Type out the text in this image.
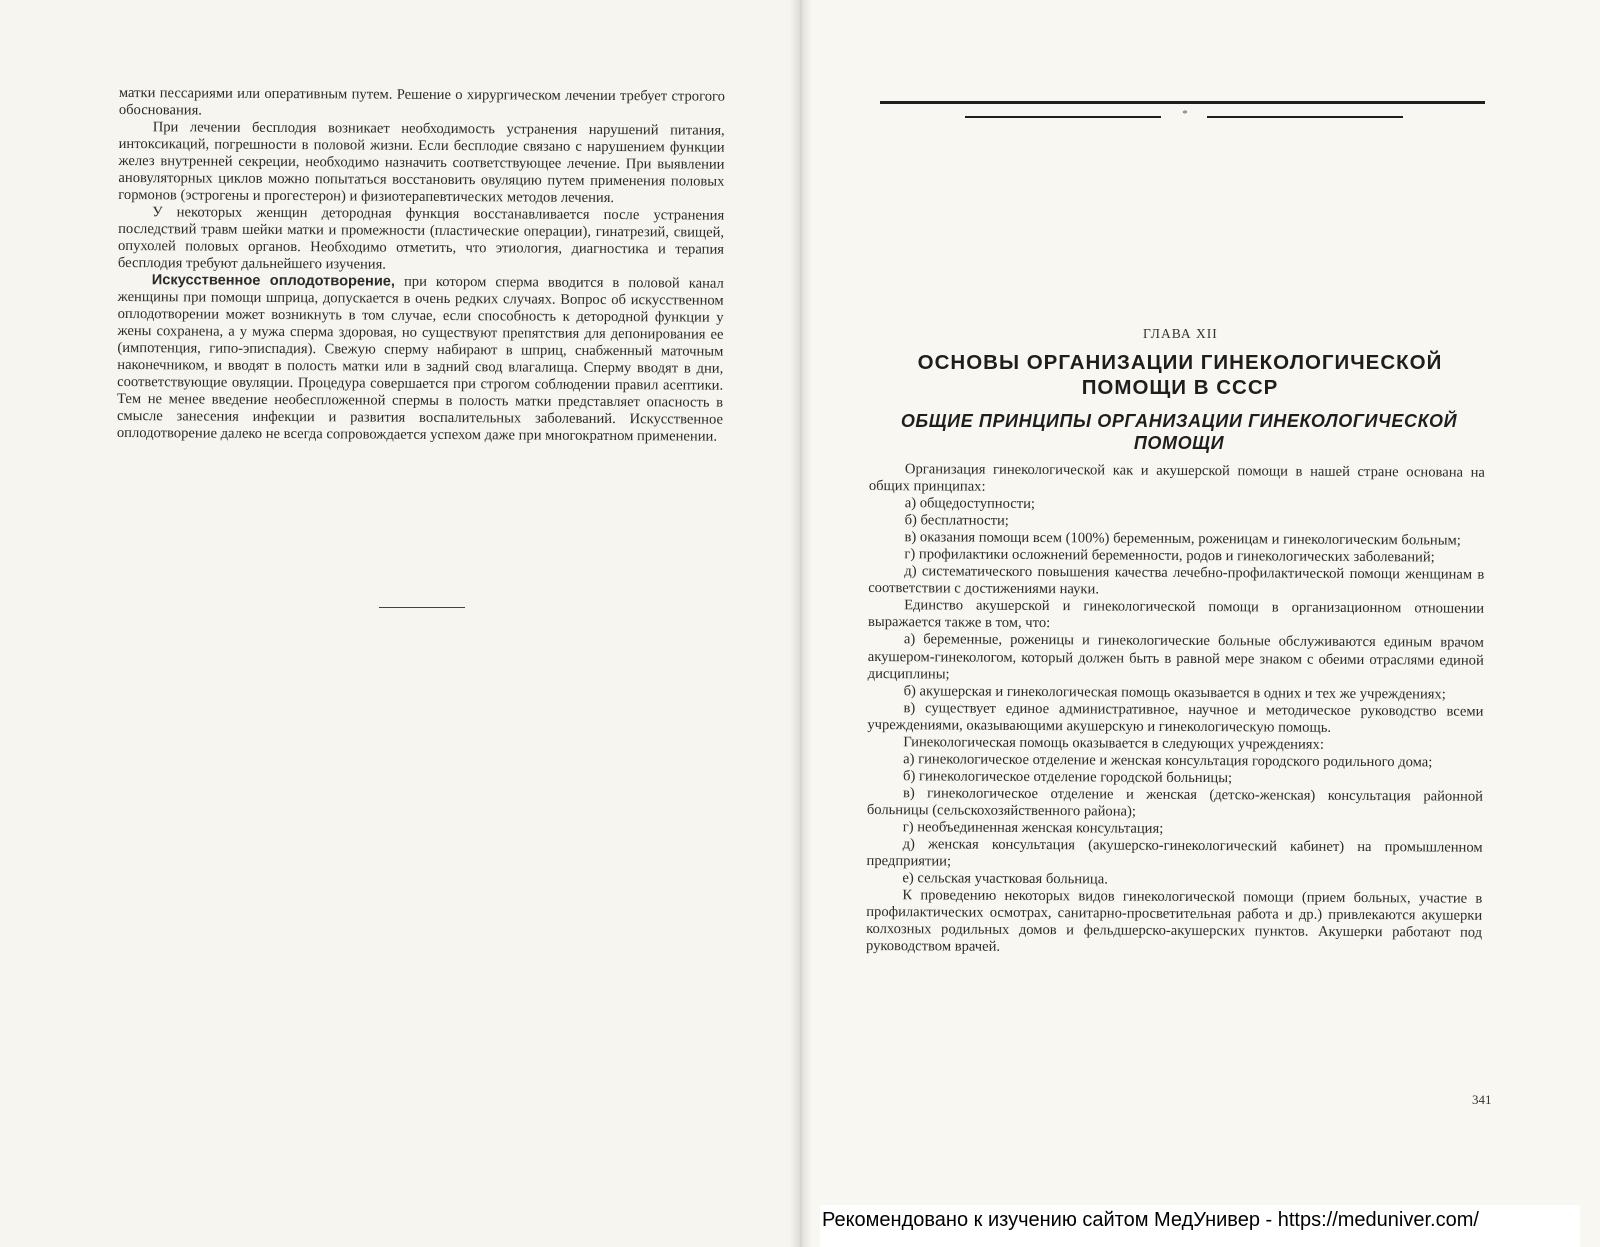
матки пессариями или оперативным путем. Решение о хирургическом лечении требует строгого обоснования.

При лечении бесплодия возникает необходимость устранения нарушений питания, интоксикаций, погрешности в половой жизни. Если бесплодие связано с нарушением функции желез внутренней секреции, необходимо назначить соответствующее лечение. При выявлении ановуляторных циклов можно попытаться восстановить овуляцию путем применения половых гормонов (эстрогены и прогестерон) и физиотерапевтических методов лечения.

У некоторых женщин детородная функция восстанавливается после устранения последствий травм шейки матки и промежности (пластические операции), гинатрезий, свищей, опухолей половых органов. Необходимо отметить, что этиология, диагностика и терапия бесплодия требуют дальнейшего изучения.

Искусственное оплодотворение, при котором сперма вводится в половой канал женщины при помощи шприца, допускается в очень редких случаях. Вопрос об искусственном оплодотворении может возникнуть в том случае, если способность к детородной функции у жены сохранена, а у мужа сперма здоровая, но существуют препятствия для депонирования ее (импотенция, гипо-эписпадия). Свежую сперму набирают в шприц, снабженный маточным наконечником, и вводят в полость матки или в задний свод влагалища. Сперму вводят в дни, соответствующие овуляции. Процедура совершается при строгом соблюдении правил асептики. Тем не менее введение необеспложенной спермы в полость матки представляет опасность в смысле занесения инфекции и развития воспалительных заболеваний. Искусственное оплодотворение далеко не всегда сопровождается успехом даже при многократном применении.

*
ГЛАВА XII
ОСНОВЫ ОРГАНИЗАЦИИ ГИНЕКОЛОГИЧЕСКОЙ
ПОМОЩИ В СССР
ОБЩИЕ ПРИНЦИПЫ ОРГАНИЗАЦИИ ГИНЕКОЛОГИЧЕСКОЙ
ПОМОЩИ

Организация гинекологической как и акушерской помощи в нашей стране основана на общих принципах:

а) общедоступности;

б) бесплатности;

в) оказания помощи всем (100%) беременным, роженицам и гинекологическим больным;

г) профилактики осложнений беременности, родов и гинекологических заболеваний;

д) систематического повышения качества лечебно-профилактической помощи женщинам в соответствии с достижениями науки.

Единство акушерской и гинекологической помощи в организационном отношении выражается также в том, что:

а) беременные, роженицы и гинекологические больные обслуживаются единым врачом акушером-гинекологом, который должен быть в равной мере знаком с обеими отраслями единой дисциплины;

б) акушерская и гинекологическая помощь оказывается в одних и тех же учреждениях;

в) существует единое административное, научное и методическое руководство всеми учреждениями, оказывающими акушерскую и гинекологическую помощь.

Гинекологическая помощь оказывается в следующих учреждениях:

а) гинекологическое отделение и женская консультация городского родильного дома;

б) гинекологическое отделение городской больницы;

в) гинекологическое отделение и женская (детско-женская) консультация районной больницы (сельскохозяйственного района);

г) необъединенная женская консультация;

д) женская консультация (акушерско-гинекологический кабинет) на промышленном предприятии;

е) сельская участковая больница.

К проведению некоторых видов гинекологической помощи (прием больных, участие в профилактических осмотрах, санитарно-просветительная работа и др.) привлекаются акушерки колхозных родильных домов и фельдшерско-акушерских пунктов. Акушерки работают под руководством врачей.

341
Рекомендовано к изучению сайтом МедУнивер - https://meduniver.com/
